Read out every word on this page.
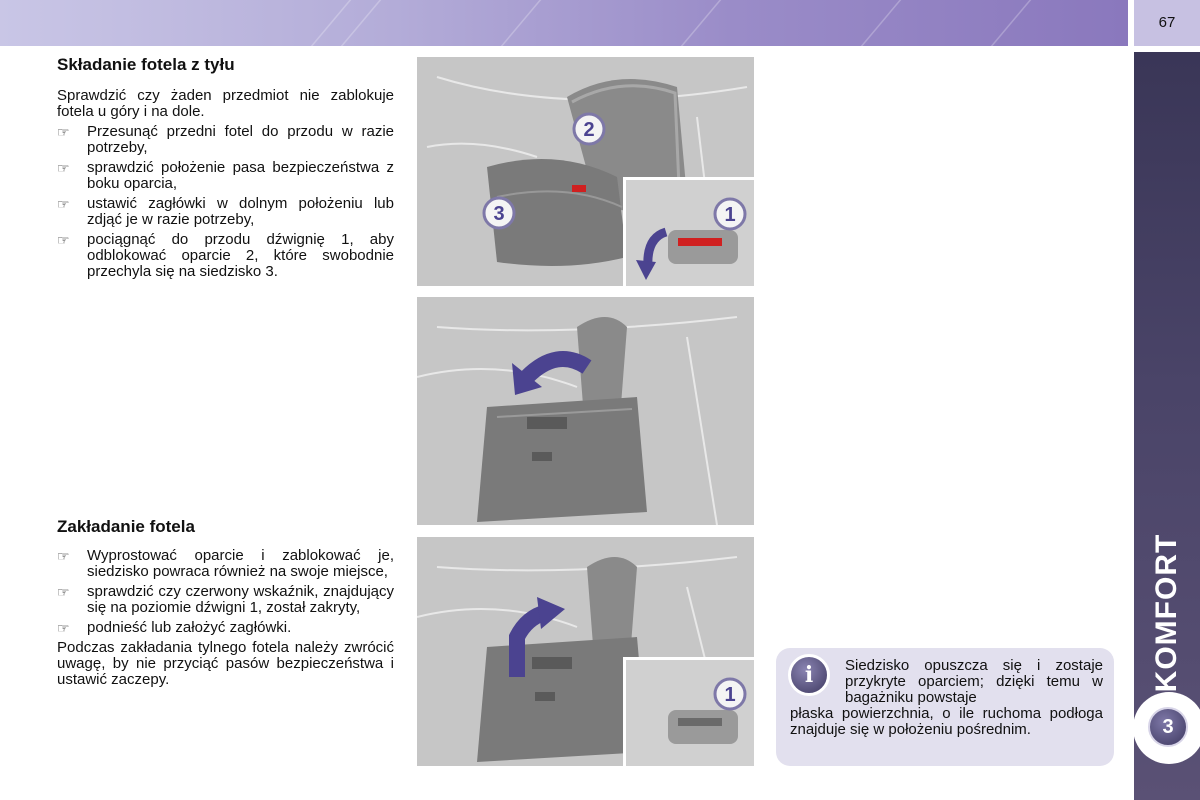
67
KOMFORT
3
Składanie fotela z tyłu

Sprawdzić czy żaden przedmiot nie zablokuje fotela u góry i na dole.

☞ Przesunąć przedni fotel do przodu w razie potrzeby,
☞ sprawdzić położenie pasa bezpieczeństwa z boku oparcia,
☞ ustawić zagłówki w dolnym położeniu lub zdjąć je w razie potrzeby,
☞ pociągnąć do przodu dźwignię 1, aby odblokować oparcie 2, które swobodnie przechyla się na siedzisko 3.
Zakładanie fotela
☞ Wyprostować oparcie i zablokować je, siedzisko powraca również na swoje miejsce,
☞ sprawdzić czy czerwony wskaźnik, znajdujący się na poziomie dźwigni 1, został zakryty,
☞ podnieść lub założyć zagłówki.

Podczas zakładania tylnego fotela należy zwrócić uwagę, by nie przyciąć pasów bezpieczeństwa i ustawić zaczepy.

2
3	1
1
Siedzisko opuszcza się i zostaje przykryte oparciem; dzięki temu w bagażniku powstaje
płaska powierzchnia, o ile ruchoma podłoga znajduje się w położeniu pośrednim.
i
